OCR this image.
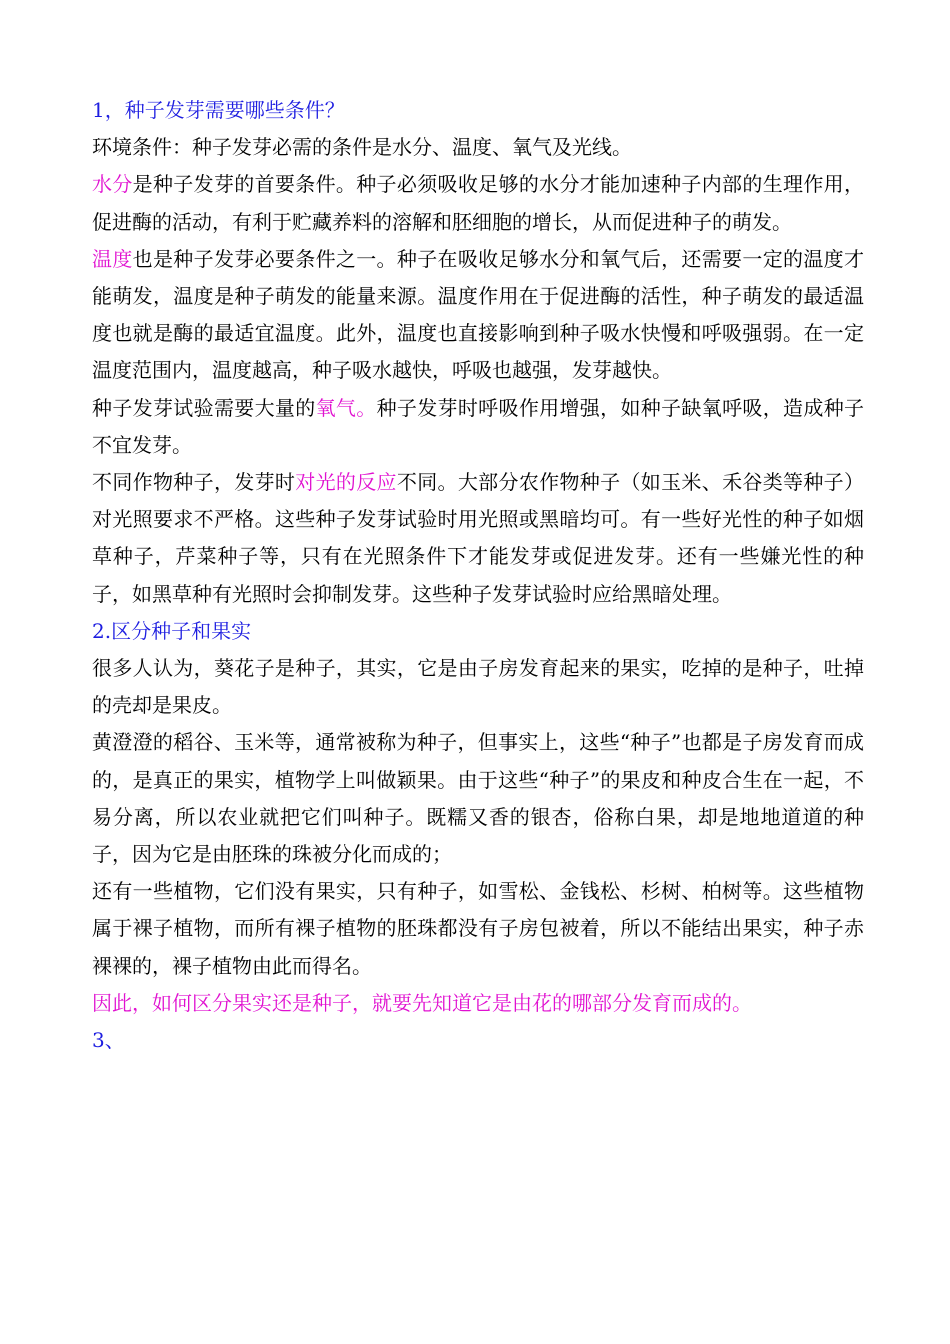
1，种子发芽需要哪些条件？

环境条件：种子发芽必需的条件是水分、温度、氧气及光线。

水分是种子发芽的首要条件。种子必须吸收足够的水分才能加速种子内部的生理作用，促进酶的活动，有利于贮藏养料的溶解和胚细胞的增长，从而促进种子的萌发。

温度也是种子发芽必要条件之一。种子在吸收足够水分和氧气后，还需要一定的温度才能萌发，温度是种子萌发的能量来源。温度作用在于促进酶的活性，种子萌发的最适温度也就是酶的最适宜温度。此外，温度也直接影响到种子吸水快慢和呼吸强弱。在一定温度范围内，温度越高，种子吸水越快，呼吸也越强，发芽越快。

种子发芽试验需要大量的氧气。种子发芽时呼吸作用增强，如种子缺氧呼吸，造成种子不宜发芽。

不同作物种子，发芽时对光的反应不同。大部分农作物种子（如玉米、禾谷类等种子）对光照要求不严格。这些种子发芽试验时用光照或黑暗均可。有一些好光性的种子如烟草种子，芹菜种子等，只有在光照条件下才能发芽或促进发芽。还有一些嫌光性的种子，如黑草种有光照时会抑制发芽。这些种子发芽试验时应给黑暗处理。

2.区分种子和果实

很多人认为，葵花子是种子，其实，它是由子房发育起来的果实，吃掉的是种子，吐掉的壳却是果皮。

黄澄澄的稻谷、玉米等，通常被称为种子，但事实上，这些“种子”也都是子房发育而成的，是真正的果实，植物学上叫做颖果。由于这些“种子”的果皮和种皮合生在一起，不易分离，所以农业就把它们叫种子。既糯又香的银杏，俗称白果，却是地地道道的种子，因为它是由胚珠的珠被分化而成的；

还有一些植物，它们没有果实，只有种子，如雪松、金钱松、杉树、柏树等。这些植物属于裸子植物，而所有裸子植物的胚珠都没有子房包被着，所以不能结出果实，种子赤裸裸的，裸子植物由此而得名。

因此，如何区分果实还是种子，就要先知道它是由花的哪部分发育而成的。

3、
